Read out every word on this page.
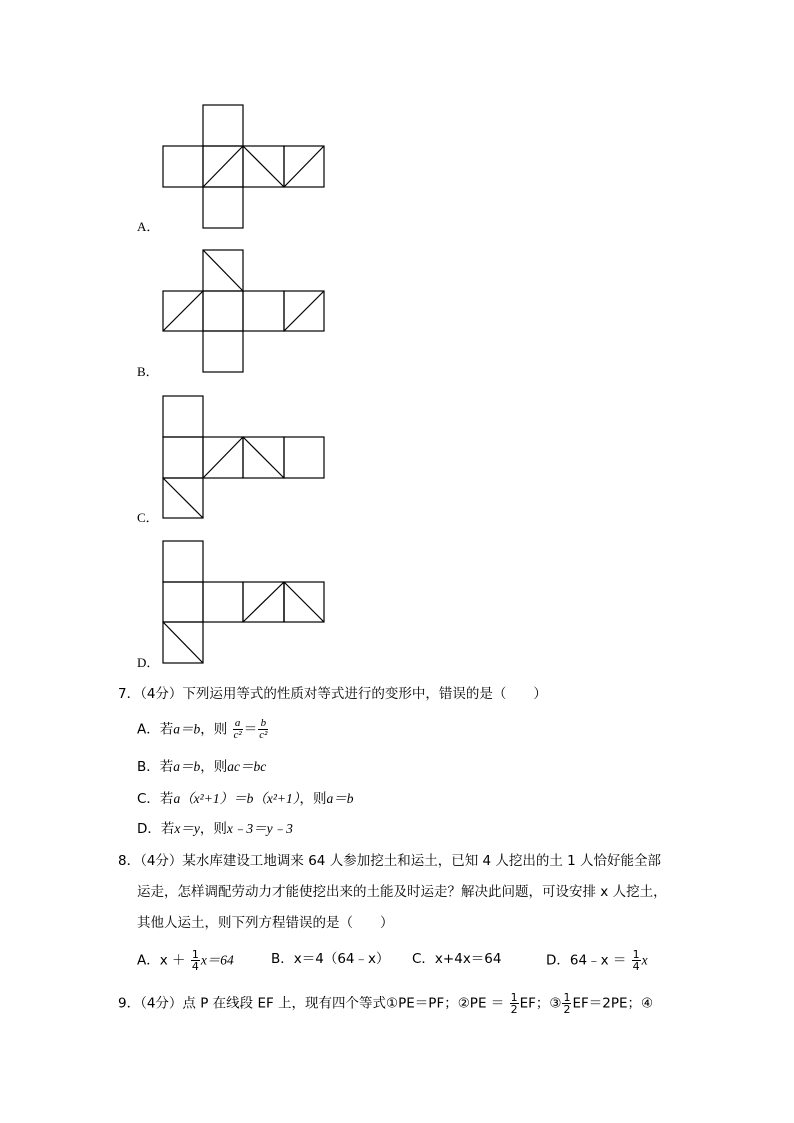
A．
B．
C．
D．
7．（4分）下列运用等式的性质对等式进行的变形中，错误的是（　　）
A．若a＝b，则 $\frac{a}{\text{c²}} = \frac{b}{\text{c²}}$
B．若a＝b，则ac＝bc
C．若a（x²+1）＝b（x²+1），则a＝b
D．若x＝y，则x﹣3＝y﹣3
8．（4分）某水库建设工地调来 64 人参加挖土和运土，已知 4 人挖出的土 1 人恰好能全部
运走，怎样调配劳动力才能使挖出来的土能及时运走？解决此问题，可设安排 x 人挖土，
其他人运土，则下列方程错误的是（　　）
A．$x + \frac{1}{4} x=64$	B．x＝4（64﹣x） C．x+4x＝64	D．64﹣x ＝ $\frac{1}{4}$ x
9．（4分）点 P 在线段 EF 上，现有四个等式①PE＝PF；②PE ＝ $\frac{1}{2}$ EF；③ $\frac{1}{2} EF=2PE$；④
